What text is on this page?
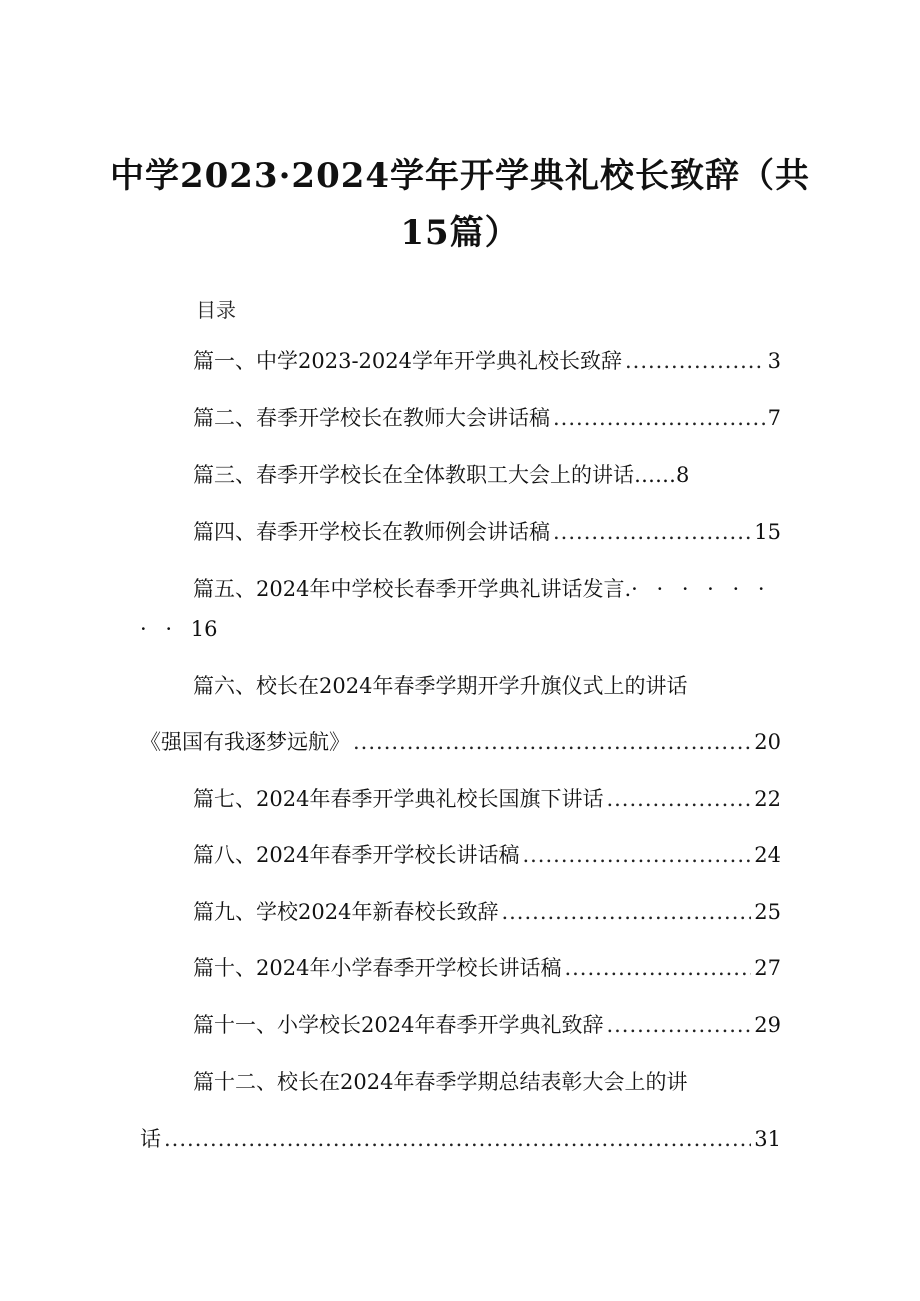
中学2023·2024学年开学典礼校长致辞（共
15篇）
目录
篇一、中学2023-2024学年开学典礼校长致辞 .....	3
篇二、春季开学校长在教师大会讲话稿 .....	7
篇三、春季开学校长在全体教职工大会上的讲话……8
篇四、春季开学校长在教师例会讲话稿 .....	15
篇五、2024年中学校长春季开学典礼讲话发言.· · · · · ·
· · 16
篇六、校长在2024年春季学期开学升旗仪式上的讲话
《强国有我逐梦远航》 .....	20
篇七、2024年春季开学典礼校长国旗下讲话 .....	22
篇八、2024年春季开学校长讲话稿 .....	24
篇九、学校2024年新春校长致辞 .....	25
篇十、2024年小学春季开学校长讲话稿 .....	27
篇十一、小学校长2024年春季开学典礼致辞 .....	29
篇十二、校长在2024年春季学期总结表彰大会上的讲
话 .....	31
